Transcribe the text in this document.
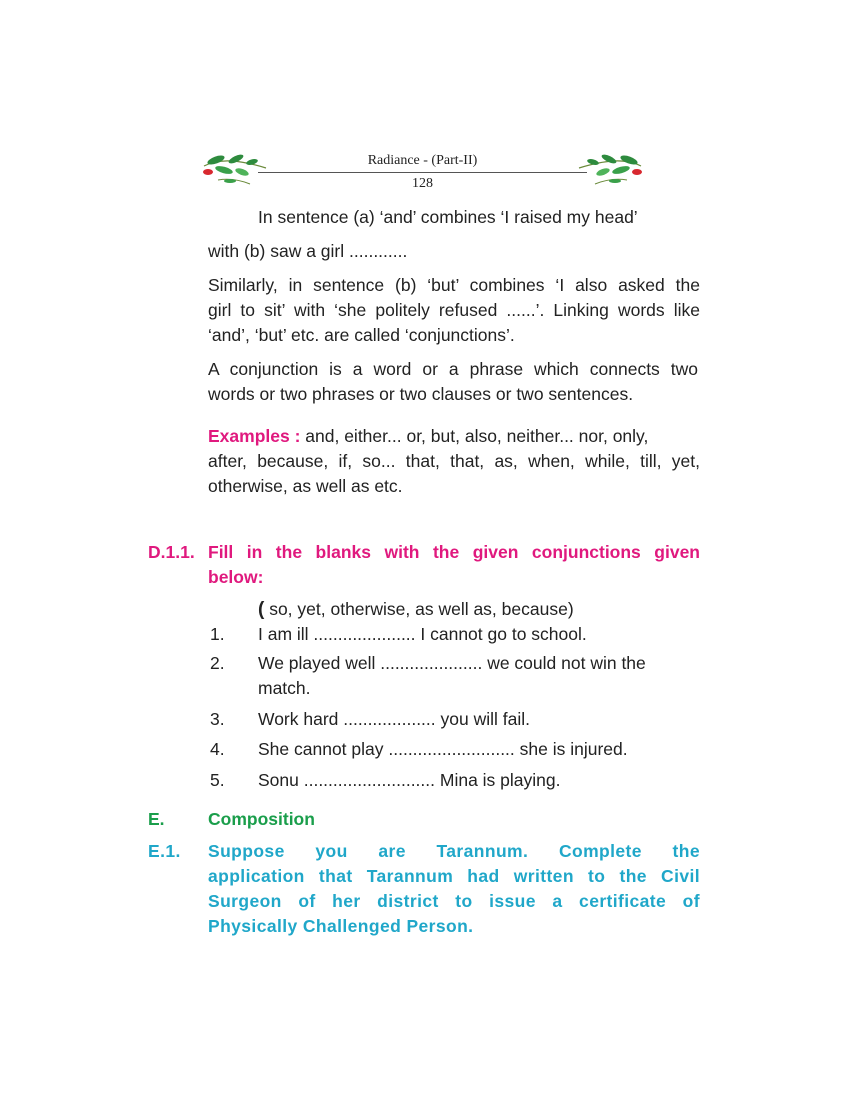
Radiance - (Part-II)
128
In sentence (a) ‘and’ combines ‘I raised my head’
with (b) saw a girl ............
Similarly, in sentence (b) ‘but’ combines ‘I also asked the
girl to sit’ with ‘she politely refused ......’. Linking words like
‘and’, ‘but’ etc. are called ‘conjunctions’.
A conjunction is a word or a phrase which connects two
words or two phrases or two clauses or two sentences.
Examples : and, either... or, but, also, neither... nor, only,
after, because, if, so... that, that, as, when, while, till, yet,
otherwise, as well as etc.
D.1.1. Fill in the blanks with the given conjunctions given
below:
( so, yet, otherwise, as well as, because)
1. I am ill ..................... I cannot go to school.
2. We played well ..................... we could not win the
match.
3. Work hard ................... you will fail.
4. She cannot play .......................... she is injured.
5. Sonu ........................... Mina is playing.
E. Composition
E.1. Suppose you are Tarannum. Complete the
application that Tarannum had written to the Civil
Surgeon of her district to issue a certificate of
Physically Challenged Person.
